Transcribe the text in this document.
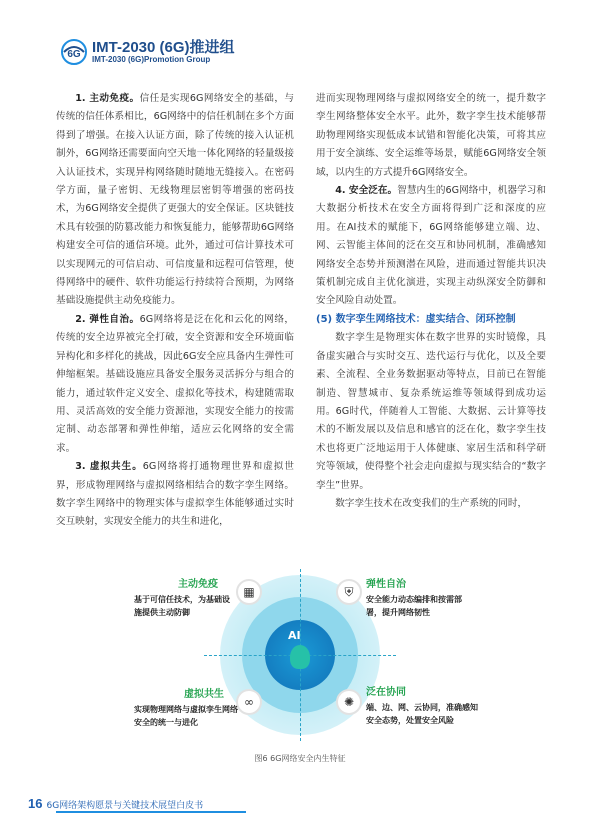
6G IMT-2030 (6G)推进组
IMT-2030 (6G)Promotion Group

1. 主动免疫。信任是实现6G网络安全的基础，与传统的信任体系相比，6G网络中的信任机制在多个方面得到了增强。在接入认证方面，除了传统的接入认证机制外，6G网络还需要面向空天地一体化网络的轻量级接入认证技术，实现异构网络随时随地无缝接入。在密码学方面，量子密钥、无线物理层密钥等增强的密码技术，为6G网络安全提供了更强大的安全保证。区块链技术具有较强的防篡改能力和恢复能力，能够帮助6G网络构建安全可信的通信环境。此外，通过可信计算技术可以实现网元的可信启动、可信度量和远程可信管理，使得网络中的硬件、软件功能运行持续符合预期，为网络基础设施提供主动免疫能力。

2. 弹性自治。6G网络将是泛在化和云化的网络，传统的安全边界被完全打破，安全资源和安全环境面临异构化和多样化的挑战，因此6G安全应具备内生弹性可伸缩框架。基础设施应具备安全服务灵活拆分与组合的能力，通过软件定义安全、虚拟化等技术，构建随需取用、灵活高效的安全能力资源池，实现安全能力的按需定制、动态部署和弹性伸缩，适应云化网络的安全需求。

3. 虚拟共生。6G网络将打通物理世界和虚拟世界，形成物理网络与虚拟网络相结合的数字孪生网络。数字孪生网络中的物理实体与虚拟孪生体能够通过实时交互映射，实现安全能力的共生和进化，

进而实现物理网络与虚拟网络安全的统一，提升数字孪生网络整体安全水平。此外，数字孪生技术能够帮助物理网络实现低成本试错和智能化决策，可将其应用于安全演练、安全运维等场景，赋能6G网络安全领域，以内生的方式提升6G网络安全。

4. 安全泛在。智慧内生的6G网络中，机器学习和大数据分析技术在安全方面将得到广泛和深度的应用。在AI技术的赋能下，6G网络能够建立端、边、网、云智能主体间的泛在交互和协同机制，准确感知网络安全态势并预测潜在风险，进而通过智能共识决策机制完成自主优化演进，实现主动纵深安全防御和安全风险自动处置。

(5) 数字孪生网络技术：虚实结合、闭环控制

数字孪生是物理实体在数字世界的实时镜像，具备虚实融合与实时交互、迭代运行与优化，以及全要素、全流程、全业务数据驱动等特点，目前已在智能制造、智慧城市、复杂系统运维等领域得到成功运用。6G时代，伴随着人工智能、大数据、云计算等技术的不断发展以及信息和感官的泛在化，数字孪生技术也将更广泛地运用于人体健康、家居生活和科学研究等领域，使得整个社会走向虚拟与现实结合的“数字孪生”世界。

数字孪生技术在改变我们的生产系统的同时，

AI
▦
主动免疫
基于可信任技术，为基础设施提供主动防御
⛨
弹性自治
安全能力动态编排和按需部署，提升网络韧性
∞
虚拟共生
实现物理网络与虚拟孪生网络安全的统一与进化
✺
泛在协同
端、边、网、云协同，准确感知安全态势，处置安全风险
图6 6G网络安全内生特征
16 6G网络架构愿景与关键技术展望白皮书
